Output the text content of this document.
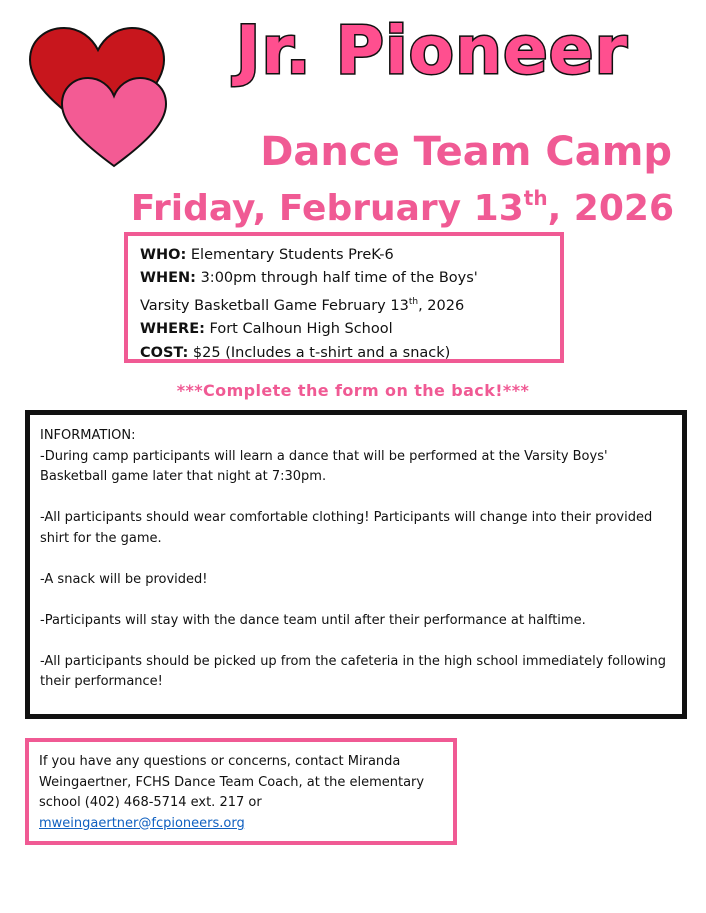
Jr. Pioneer
Dance Team Camp
Friday, February 13th, 2026
WHO: Elementary Students PreK-6
WHEN: 3:00pm through half time of the Boys'
Varsity Basketball Game February 13th, 2026
WHERE: Fort Calhoun High School
COST: $25 (Includes a t-shirt and a snack)
***Complete the form on the back!***

INFORMATION:

-During camp participants will learn a dance that will be performed at the Varsity Boys' Basketball game later that night at 7:30pm.

-All participants should wear comfortable clothing! Participants will change into their provided shirt for the game.

-A snack will be provided!

-Participants will stay with the dance team until after their performance at halftime.

-All participants should be picked up from the cafeteria in the high school immediately following their performance!

If you have any questions or concerns, contact Miranda Weingaertner, FCHS Dance Team Coach, at the elementary school (402) 468-5714 ext. 217 or mweingaertner@fcpioneers.org
